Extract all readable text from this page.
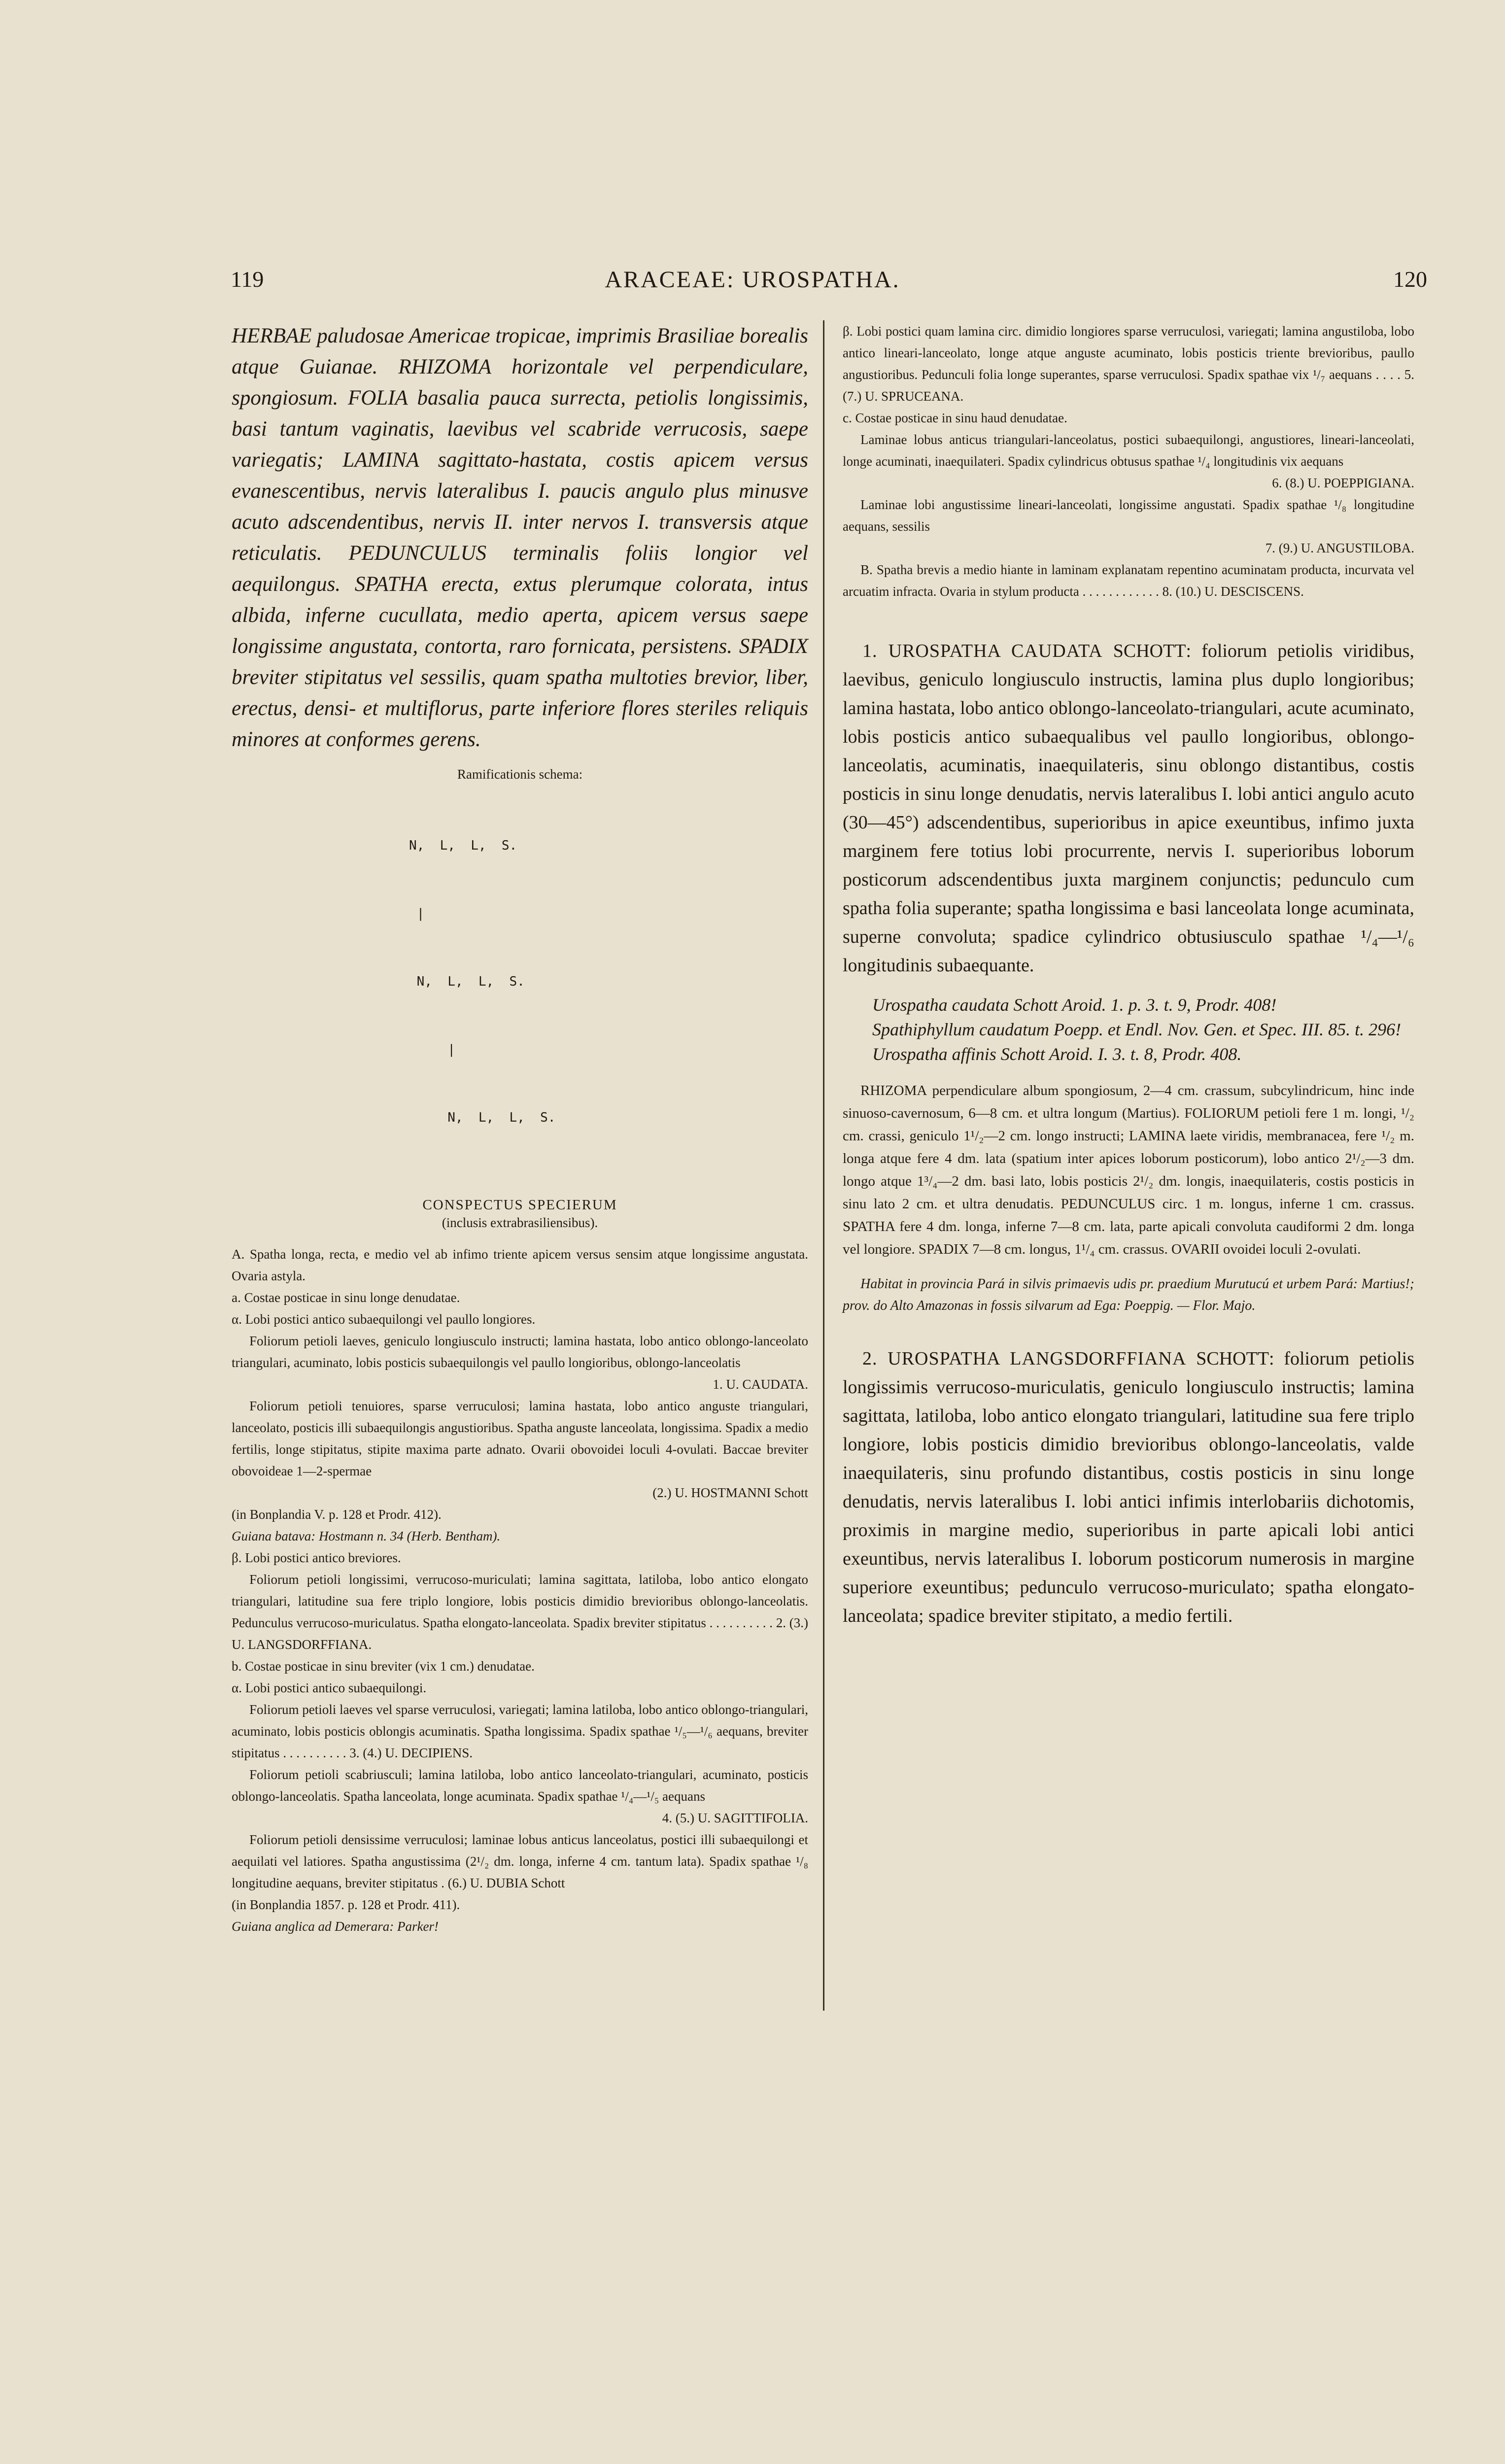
119	ARACEAE: UROSPATHA.	120

HERBAE paludosae Americae tropicae, imprimis Brasiliae borealis atque Guianae. RHIZOMA horizontale vel perpendiculare, spongiosum. FOLIA basalia pauca surrecta, petiolis longissimis, basi tantum vaginatis, laevibus vel scabride verrucosis, saepe variegatis; LAMINA sagittato-hastata, costis apicem versus evanescentibus, nervis lateralibus I. paucis angulo plus minusve acuto adscendentibus, nervis II. inter nervos I. transversis atque reticulatis. PEDUNCULUS terminalis foliis longior vel aequilongus. SPATHA erecta, extus plerumque colorata, intus albida, inferne cucullata, medio aperta, apicem versus saepe longissime angustata, contorta, raro fornicata, persistens. SPADIX breviter stipitatus vel sessilis, quam spatha multoties brevior, liber, erectus, densi- et multiflorus, parte inferiore flores steriles reliquis minores at conformes gerens.

Ramificationis schema:

N,  L,  L,  S.

|

N,  L,  L,  S.

|

N,  L,  L,  S.

CONSPECTUS SPECIERUM
(inclusis extrabrasiliensibus).

A. Spatha longa, recta, e medio vel ab infimo triente apicem versus sensim atque longissime angustata. Ovaria astyla.

a. Costae posticae in sinu longe denudatae.

α. Lobi postici antico subaequilongi vel paullo longiores.

Foliorum petioli laeves, geniculo longiusculo instructi; lamina hastata, lobo antico oblongo-lanceolato triangulari, acuminato, lobis posticis subaequilongis vel paullo longioribus, oblongo-lanceolatis

1. U. CAUDATA.

Foliorum petioli tenuiores, sparse verruculosi; lamina hastata, lobo antico anguste triangulari, lanceolato, posticis illi subaequilongis angustioribus. Spatha anguste lanceolata, longissima. Spadix a medio fertilis, longe stipitatus, stipite maxima parte adnato. Ovarii obovoidei loculi 4-ovulati. Baccae breviter obovoideae 1—2-spermae

(2.) U. HOSTMANNI Schott

(in Bonplandia V. p. 128 et Prodr. 412).

Guiana batava: Hostmann n. 34 (Herb. Bentham).

β. Lobi postici antico breviores.

Foliorum petioli longissimi, verrucoso-muriculati; lamina sagittata, latiloba, lobo antico elongato triangulari, latitudine sua fere triplo longiore, lobis posticis dimidio brevioribus oblongo-lanceolatis. Pedunculus verrucoso-muriculatus. Spatha elongato-lanceolata. Spadix breviter stipitatus . . . . . . . . . . 2. (3.) U. LANGSDORFFIANA.

b. Costae posticae in sinu breviter (vix 1 cm.) denudatae.

α. Lobi postici antico subaequilongi.

Foliorum petioli laeves vel sparse verruculosi, variegati; lamina latiloba, lobo antico oblongo-triangulari, acuminato, lobis posticis oblongis acuminatis. Spatha longissima. Spadix spathae ¹/₅—¹/₆ aequans, breviter stipitatus . . . . . . . . . . 3. (4.) U. DECIPIENS.

Foliorum petioli scabriusculi; lamina latiloba, lobo antico lanceolato-triangulari, acuminato, posticis oblongo-lanceolatis. Spatha lanceolata, longe acuminata. Spadix spathae ¹/₄—¹/₅ aequans

4. (5.) U. SAGITTIFOLIA.

Foliorum petioli densissime verruculosi; laminae lobus anticus lanceolatus, postici illi subaequilongi et aequilati vel latiores. Spatha angustissima (2¹/₂ dm. longa, inferne 4 cm. tantum lata). Spadix spathae ¹/₈ longitudine aequans, breviter stipitatus . (6.) U. DUBIA Schott

(in Bonplandia 1857. p. 128 et Prodr. 411).

Guiana anglica ad Demerara: Parker!

β. Lobi postici quam lamina circ. dimidio longiores sparse verruculosi, variegati; lamina angustiloba, lobo antico lineari-lanceolato, longe atque anguste acuminato, lobis posticis triente brevioribus, paullo angustioribus. Pedunculi folia longe superantes, sparse verruculosi. Spadix spathae vix ¹/₇ aequans . . . . 5. (7.) U. SPRUCEANA.

c. Costae posticae in sinu haud denudatae.

Laminae lobus anticus triangulari-lanceolatus, postici subaequilongi, angustiores, lineari-lanceolati, longe acuminati, inaequilateri. Spadix cylindricus obtusus spathae ¹/₄ longitudinis vix aequans

6. (8.) U. POEPPIGIANA.

Laminae lobi angustissime lineari-lanceolati, longissime angustati. Spadix spathae ¹/₈ longitudine aequans, sessilis

7. (9.) U. ANGUSTILOBA.

B. Spatha brevis a medio hiante in laminam explanatam repentino acuminatam producta, incurvata vel arcuatim infracta. Ovaria in stylum producta . . . . . . . . . . . . 8. (10.) U. DESCISCENS.

1. UROSPATHA CAUDATA SCHOTT: foliorum petiolis viridibus, laevibus, geniculo longiusculo instructis, lamina plus duplo longioribus; lamina hastata, lobo antico oblongo-lanceolato-triangulari, acute acuminato, lobis posticis antico subaequalibus vel paullo longioribus, oblongo-lanceolatis, acuminatis, inaequilateris, sinu oblongo distantibus, costis posticis in sinu longe denudatis, nervis lateralibus I. lobi antici angulo acuto (30—45°) adscendentibus, superioribus in apice exeuntibus, infimo juxta marginem fere totius lobi procurrente, nervis I. superioribus loborum posticorum adscendentibus juxta marginem conjunctis; pedunculo cum spatha folia superante; spatha longissima e basi lanceolata longe acuminata, superne convoluta; spadice cylindrico obtusiusculo spathae ¹/₄—¹/₆ longitudinis subaequante.

Urospatha caudata Schott Aroid. 1. p. 3. t. 9, Prodr. 408!

Spathiphyllum caudatum Poepp. et Endl. Nov. Gen. et Spec. III. 85. t. 296!

Urospatha affinis Schott Aroid. I. 3. t. 8, Prodr. 408.

RHIZOMA perpendiculare album spongiosum, 2—4 cm. crassum, subcylindricum, hinc inde sinuoso-cavernosum, 6—8 cm. et ultra longum (Martius). FOLIORUM petioli fere 1 m. longi, ¹/₂ cm. crassi, geniculo 1¹/₂—2 cm. longo instructi; LAMINA laete viridis, membranacea, fere ¹/₂ m. longa atque fere 4 dm. lata (spatium inter apices loborum posticorum), lobo antico 2¹/₂—3 dm. longo atque 1³/₄—2 dm. basi lato, lobis posticis 2¹/₂ dm. longis, inaequilateris, costis posticis in sinu lato 2 cm. et ultra denudatis. PEDUNCULUS circ. 1 m. longus, inferne 1 cm. crassus. SPATHA fere 4 dm. longa, inferne 7—8 cm. lata, parte apicali convoluta caudiformi 2 dm. longa vel longiore. SPADIX 7—8 cm. longus, 1¹/₄ cm. crassus. OVARII ovoidei loculi 2-ovulati.

Habitat in provincia Pará in silvis primaevis udis pr. praedium Murutucú et urbem Pará: Martius!; prov. do Alto Amazonas in fossis silvarum ad Ega: Poeppig. — Flor. Majo.

2. UROSPATHA LANGSDORFFIANA SCHOTT: foliorum petiolis longissimis verrucoso-muriculatis, geniculo longiusculo instructis; lamina sagittata, latiloba, lobo antico elongato triangulari, latitudine sua fere triplo longiore, lobis posticis dimidio brevioribus oblongo-lanceolatis, valde inaequilateris, sinu profundo distantibus, costis posticis in sinu longe denudatis, nervis lateralibus I. lobi antici infimis interlobariis dichotomis, proximis in margine medio, superioribus in parte apicali lobi antici exeuntibus, nervis lateralibus I. loborum posticorum numerosis in margine superiore exeuntibus; pedunculo verrucoso-muriculato; spatha elongato-lanceolata; spadice breviter stipitato, a medio fertili.
